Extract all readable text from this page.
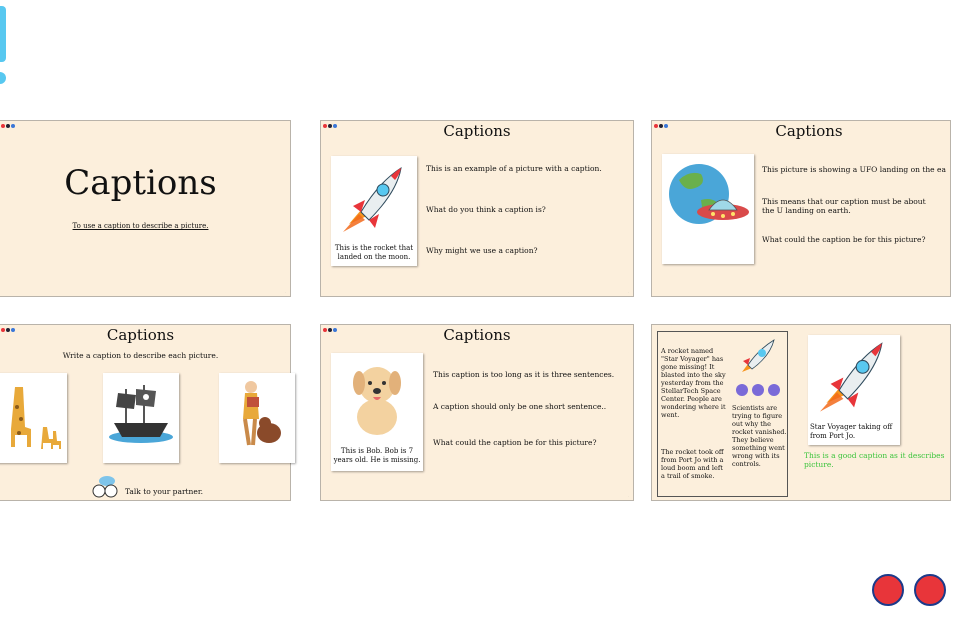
Captions
To use a caption to describe a picture.
·
Captions
This is the rocket that landed on the moon.
This is an example of a picture with a caption.
What do you think a caption is?
Why might we use a caption?
·
Captions
This picture is showing a UFO landing on the ea
This means that our caption must be about the U landing on earth.
What could the caption be for this picture?
Captions
Write a caption to describe each picture.
Talk to your partner.
Captions
This is Bob. Bob is 7 years old. He is missing.
This caption is too long as it is three sentences.
A caption should only be one short sentence..
What could the caption be for this picture?
·
A rocket named "Star Voyager" has gone missing! It blasted into the sky yesterday from the StellarTech Space Center. People are wondering where it went.
The rocket took off from Port Jo with a loud boom and left a trail of smoke.
Scientists are trying to figure out why the rocket vanished. They believe something went wrong with its controls.
Star Voyager taking off from Port Jo.
This is a good caption as it describes picture.
